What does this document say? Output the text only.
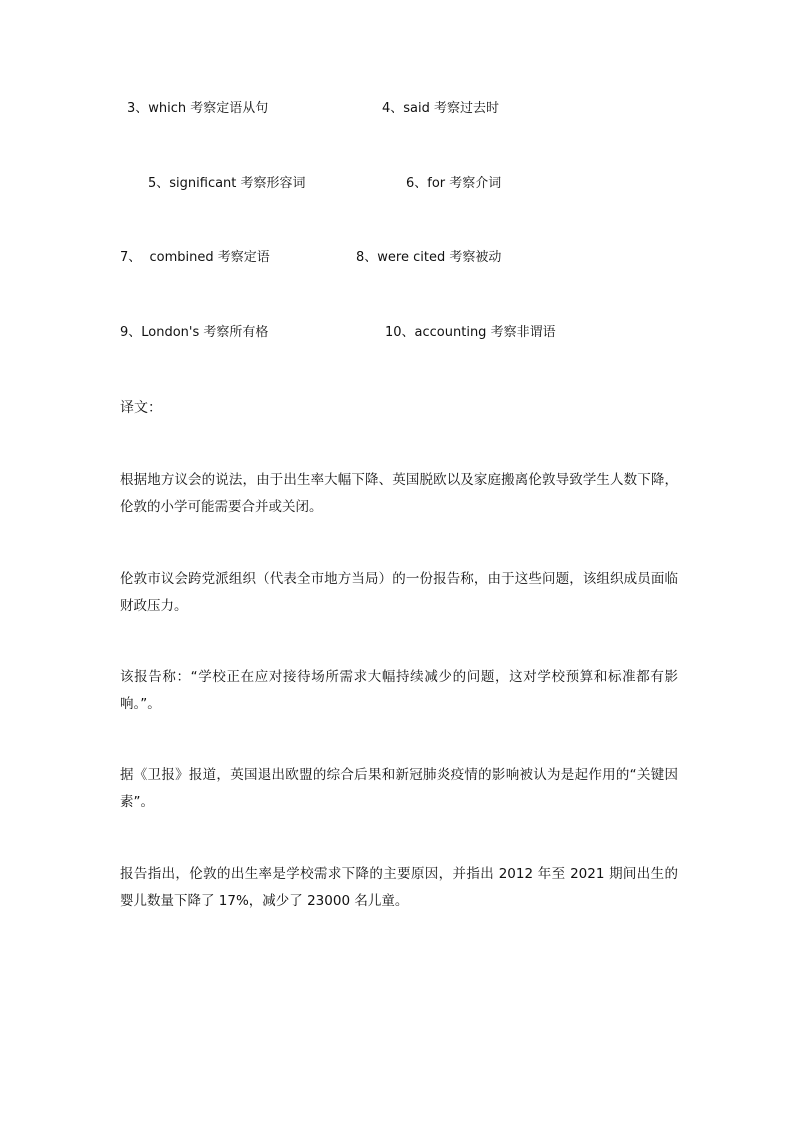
3、which 考察定语从句	4、said 考察过去时
5、significant 考察形容词	6、for 考察介词
7、  combined 考察定语	8、were cited 考察被动
9、London's 考察所有格	10、accounting 考察非谓语
译文：
根据地方议会的说法，由于出生率大幅下降、英国脱欧以及家庭搬离伦敦导致学生人数下降，伦敦的小学可能需要合并或关闭。
伦敦市议会跨党派组织（代表全市地方当局）的一份报告称，由于这些问题，该组织成员面临财政压力。
该报告称：“学校正在应对接待场所需求大幅持续减少的问题，这对学校预算和标准都有影响。”。
据《卫报》报道，英国退出欧盟的综合后果和新冠肺炎疫情的影响被认为是起作用的“关键因素”。
报告指出，伦敦的出生率是学校需求下降的主要原因，并指出 2012 年至 2021 期间出生的婴儿数量下降了 17%，减少了 23000 名儿童。
